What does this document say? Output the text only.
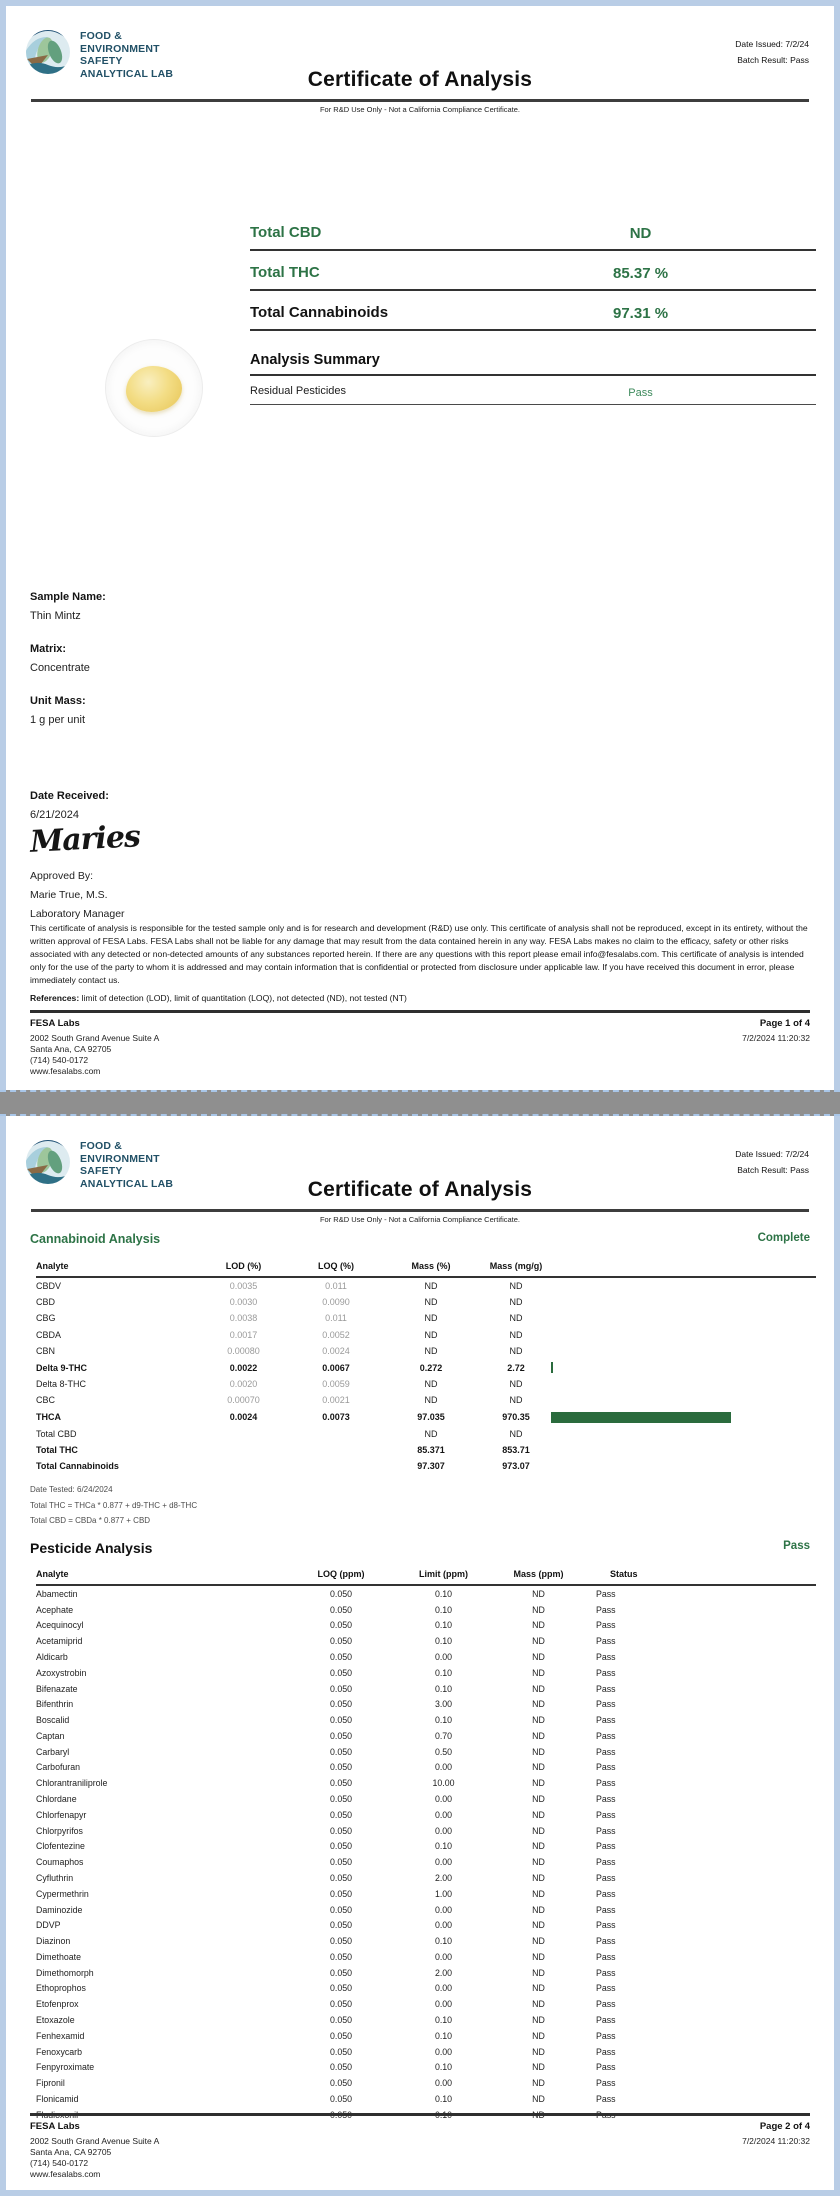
FOOD &
ENVIRONMENT
SAFETY
ANALYTICAL LAB
Date Issued: 7/2/24
Batch Result: Pass
Certificate of Analysis
For R&D Use Only - Not a California Compliance Certificate.
Total CBD	ND
Total THC	85.37 %
Total Cannabinoids	97.31 %
Analysis Summary
Residual Pesticides	Pass
Sample Name:
Thin Mintz
Matrix:
Concentrate
Unit Mass:
1 g per unit
Date Received:
6/21/2024
Maries
Approved By:
Marie True, M.S.
Laboratory Manager
This certificate of analysis is responsible for the tested sample only and is for research and development (R&D) use only. This certificate of analysis shall not be reproduced, except in its entirety, without the written approval of FESA Labs. FESA Labs shall not be liable for any damage that may result from the data contained herein in any way. FESA Labs makes no claim to the efficacy, safety or other risks associated with any detected or non-detected amounts of any substances reported herein. If there are any questions with this report please email info@fesalabs.com. This certificate of analysis is intended only for the use of the party to whom it is addressed and may contain information that is confidential or protected from disclosure under applicable law. If you have received this document in error, please immediately contact us.
References: limit of detection (LOD), limit of quantitation (LOQ), not detected (ND), not tested (NT)
FESA Labs
2002 South Grand Avenue Suite A
Santa Ana, CA 92705
(714) 540-0172
www.fesalabs.com
Page 1 of 4
7/2/2024 11:20:32
FOOD &
ENVIRONMENT
SAFETY
ANALYTICAL LAB
Date Issued: 7/2/24
Batch Result: Pass
Certificate of Analysis
For R&D Use Only - Not a California Compliance Certificate.
Cannabinoid Analysis	Complete
Analyte	LOD (%)	LOQ (%)	Mass (%)	Mass (mg/g)	
CBDV	0.0035	0.011	ND	ND	
CBD	0.0030	0.0090	ND	ND	
CBG	0.0038	0.011	ND	ND	
CBDA	0.0017	0.0052	ND	ND	
CBN	0.00080	0.0024	ND	ND	
Delta 9-THC	0.0022	0.0067	0.272	2.72	

Delta 8-THC	0.0020	0.0059	ND	ND	
CBC	0.00070	0.0021	ND	ND	
THCA	0.0024	0.0073	97.035	970.35	

Total CBD			ND	ND	
Total THC			85.371	853.71	
Total Cannabinoids			97.307	973.07	
Date Tested: 6/24/2024
Total THC = THCa * 0.877 + d9-THC + d8-THC
Total CBD = CBDa * 0.877 + CBD
Pesticide Analysis	Pass
Analyte	LOQ (ppm)	Limit (ppm)	Mass (ppm)	Status
Abamectin	0.050	0.10	ND	Pass
Acephate	0.050	0.10	ND	Pass
Acequinocyl	0.050	0.10	ND	Pass
Acetamiprid	0.050	0.10	ND	Pass
Aldicarb	0.050	0.00	ND	Pass
Azoxystrobin	0.050	0.10	ND	Pass
Bifenazate	0.050	0.10	ND	Pass
Bifenthrin	0.050	3.00	ND	Pass
Boscalid	0.050	0.10	ND	Pass
Captan	0.050	0.70	ND	Pass
Carbaryl	0.050	0.50	ND	Pass
Carbofuran	0.050	0.00	ND	Pass
Chlorantraniliprole	0.050	10.00	ND	Pass
Chlordane	0.050	0.00	ND	Pass
Chlorfenapyr	0.050	0.00	ND	Pass
Chlorpyrifos	0.050	0.00	ND	Pass
Clofentezine	0.050	0.10	ND	Pass
Coumaphos	0.050	0.00	ND	Pass
Cyfluthrin	0.050	2.00	ND	Pass
Cypermethrin	0.050	1.00	ND	Pass
Daminozide	0.050	0.00	ND	Pass
DDVP	0.050	0.00	ND	Pass
Diazinon	0.050	0.10	ND	Pass
Dimethoate	0.050	0.00	ND	Pass
Dimethomorph	0.050	2.00	ND	Pass
Ethoprophos	0.050	0.00	ND	Pass
Etofenprox	0.050	0.00	ND	Pass
Etoxazole	0.050	0.10	ND	Pass
Fenhexamid	0.050	0.10	ND	Pass
Fenoxycarb	0.050	0.00	ND	Pass
Fenpyroximate	0.050	0.10	ND	Pass
Fipronil	0.050	0.00	ND	Pass
Flonicamid	0.050	0.10	ND	Pass

FESA Labs
2002 South Grand Avenue Suite A
Santa Ana, CA 92705
(714) 540-0172
www.fesalabs.com
Page 2 of 4
7/2/2024 11:20:32
